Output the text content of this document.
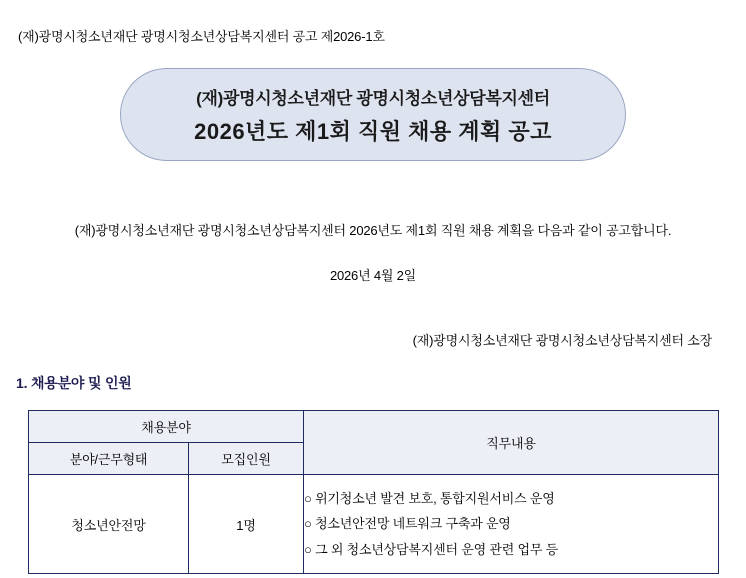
(재)광명시청소년재단 광명시청소년상담복지센터 공고 제2026-1호
(재)광명시청소년재단 광명시청소년상담복지센터
2026년도 제1회 직원 채용 계획 공고
(재)광명시청소년재단 광명시청소년상담복지센터 2026년도 제1회 직원 채용 계획을 다음과 같이 공고합니다.
2026년 4월 2일
(재)광명시청소년재단 광명시청소년상담복지센터 소장
1. 채용분야 및 인원
채용분야		직무내용
분야/근무형태	모집인원	
청소년안전망	1명	○ 위기청소년 발견 보호, 통합지원서비스 운영
○ 청소년안전망 네트워크 구축과 운영
○ 그 외 청소년상담복지센터 운영 관련 업무 등
